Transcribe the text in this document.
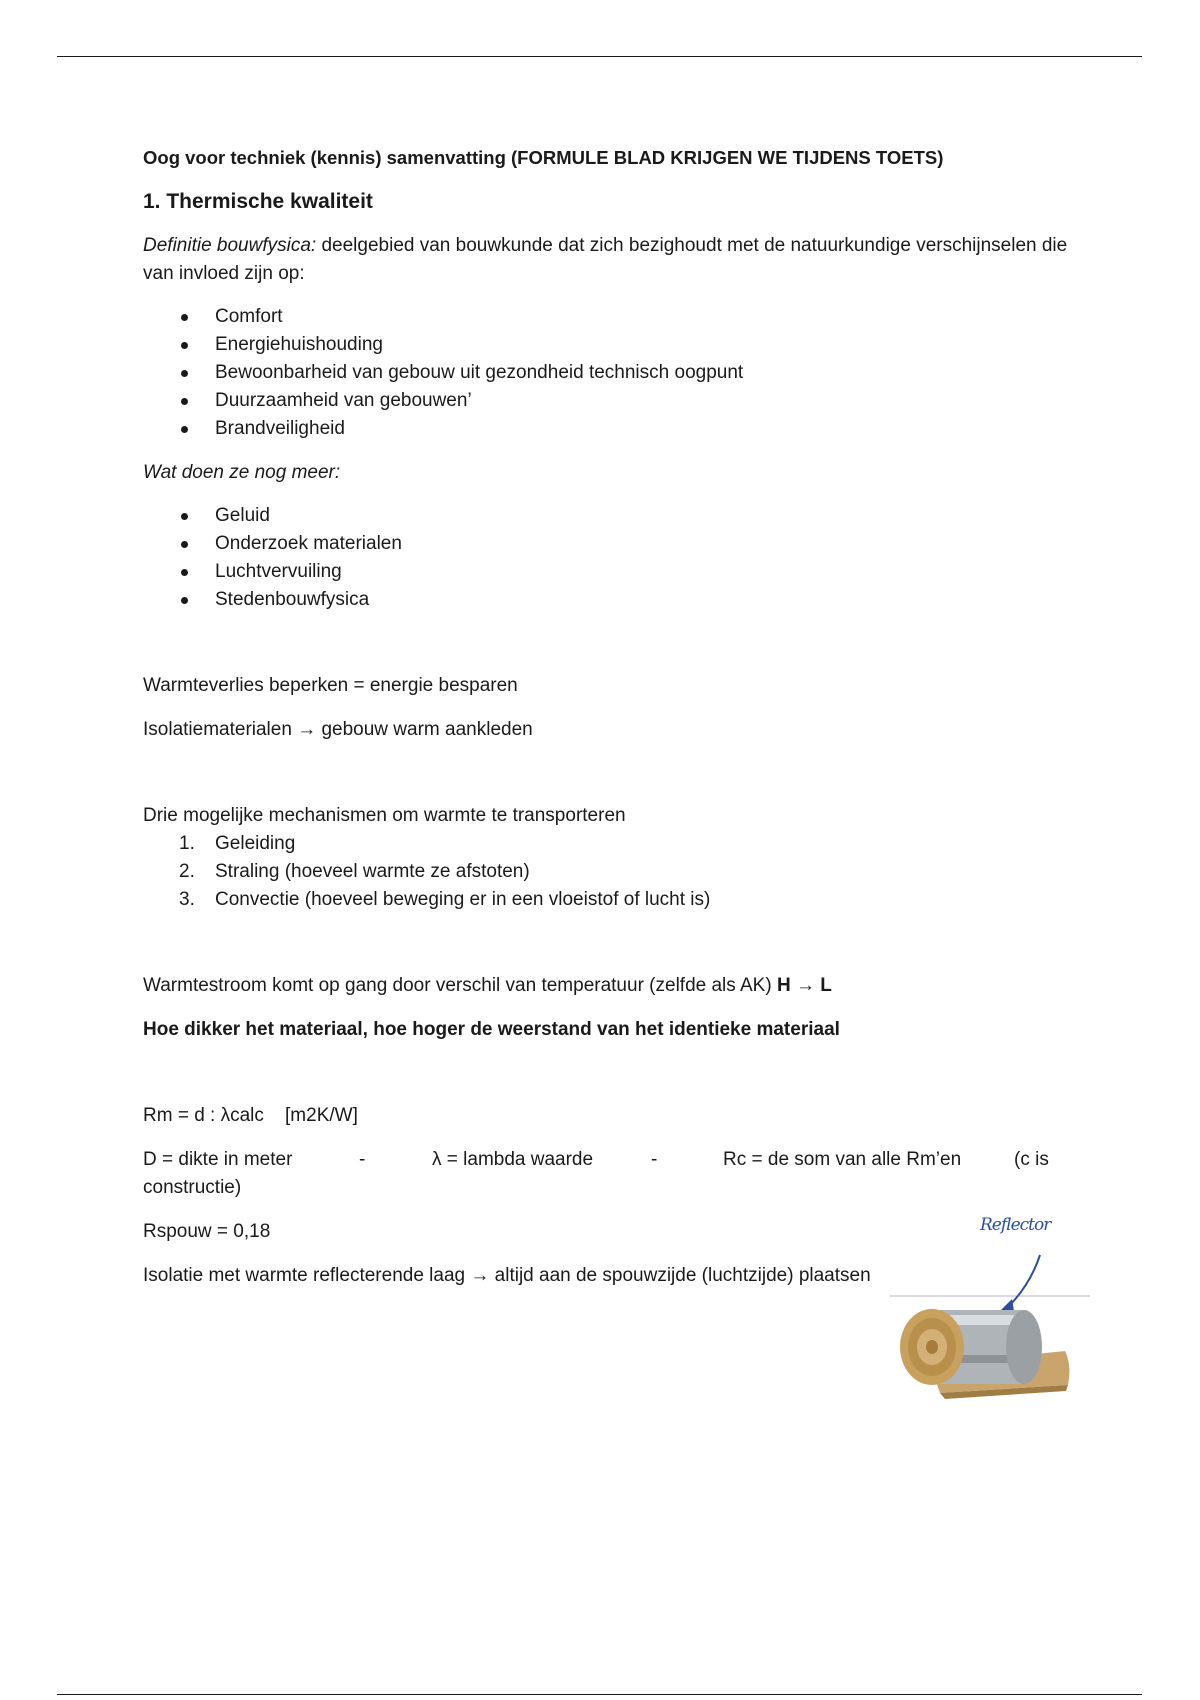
Oog voor techniek (kennis) samenvatting (FORMULE BLAD KRIJGEN WE TIJDENS TOETS)

1. Thermische kwaliteit

Definitie bouwfysica: deelgebied van bouwkunde dat zich bezighoudt met de natuurkundige verschijnselen die van invloed zijn op:

Comfort
Energiehuishouding
Bewoonbarheid van gebouw uit gezondheid technisch oogpunt
Duurzaamheid van gebouwen’
Brandveiligheid

Wat doen ze nog meer:

Geluid
Onderzoek materialen
Luchtvervuiling
Stedenbouwfysica

Warmteverlies beperken = energie besparen

Isolatiematerialen → gebouw warm aankleden

Drie mogelijke mechanismen om warmte te transporteren

1. Geleiding
2. Straling (hoeveel warmte ze afstoten)
3. Convectie (hoeveel beweging er in een vloeistof of lucht is)

Warmtestroom komt op gang door verschil van temperatuur (zelfde als AK) H → L

Hoe dikker het materiaal, hoe hoger de weerstand van het identieke materiaal

Rm = d : λcalc [m2K/W]

D = dikte in meter	-	λ = lambda waarde	-	Rc = de som van alle Rm’en	(c is

constructie)

Rspouw = 0,18

Isolatie met warmte reflecterende laag → altijd aan de spouwzijde (luchtzijde) plaatsen

Reflector
